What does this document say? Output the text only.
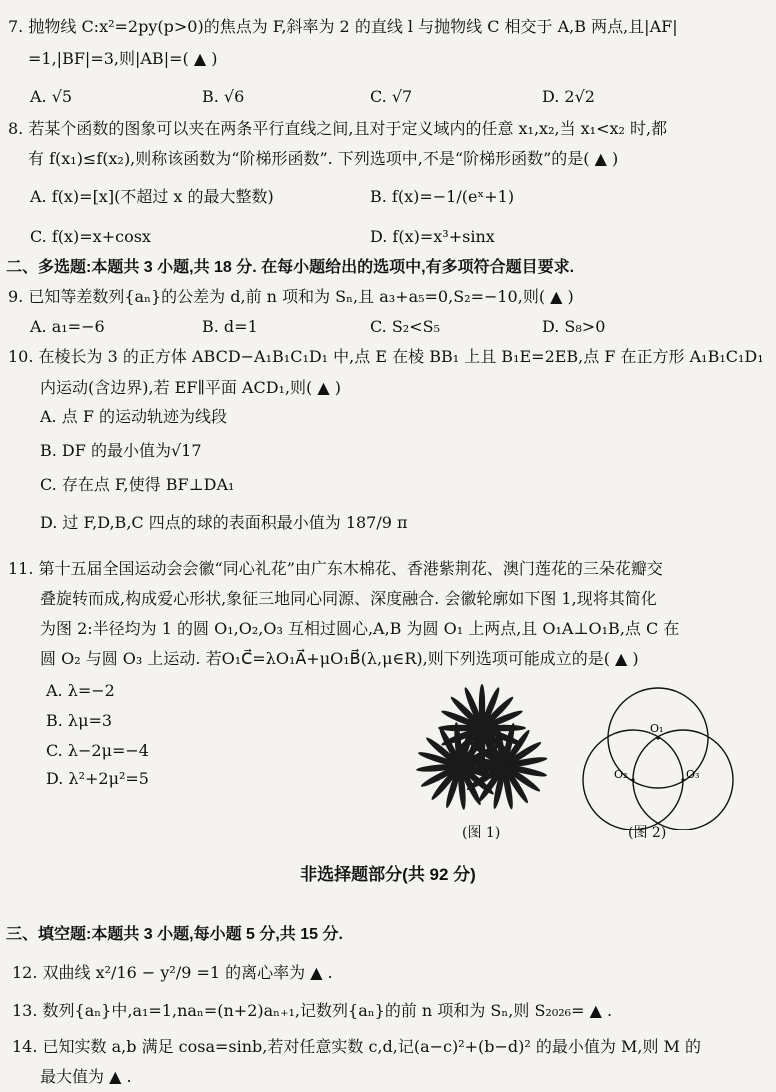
7. 抛物线 C:x²=2py(p>0)的焦点为 F,斜率为 2 的直线 l 与抛物线 C 相交于 A,B 两点,且|AF|
=1,|BF|=3,则|AB|=( ▲ )
A. √5	B. √6	C. √7	D. 2√2
8. 若某个函数的图象可以夹在两条平行直线之间,且对于定义域内的任意 x₁,x₂,当 x₁<x₂ 时,都
有 f(x₁)≤f(x₂),则称该函数为“阶梯形函数”. 下列选项中,不是“阶梯形函数”的是( ▲ )
A. f(x)=[x](不超过 x 的最大整数)	B. f(x)=−1/(eˣ+1)
C. f(x)=x+cosx	D. f(x)=x³+sinx
二、多选题:本题共 3 小题,共 18 分. 在每小题给出的选项中,有多项符合题目要求.
9. 已知等差数列{aₙ}的公差为 d,前 n 项和为 Sₙ,且 a₃+a₅=0,S₂=−10,则( ▲ )
A. a₁=−6	B. d=1	C. S₂<S₅	D. S₈>0
10. 在棱长为 3 的正方体 ABCD−A₁B₁C₁D₁ 中,点 E 在棱 BB₁ 上且 B₁E=2EB,点 F 在正方形 A₁B₁C₁D₁
内运动(含边界),若 EF∥平面 ACD₁,则( ▲ )
A. 点 F 的运动轨迹为线段
B. DF 的最小值为√17
C. 存在点 F,使得 BF⊥DA₁
D. 过 F,D,B,C 四点的球的表面积最小值为 187/9 π
11. 第十五届全国运动会会徽“同心礼花”由广东木棉花、香港紫荆花、澳门莲花的三朵花瓣交
叠旋转而成,构成爱心形状,象征三地同心同源、深度融合. 会徽轮廓如下图 1,现将其简化
为图 2:半径均为 1 的圆 O₁,O₂,O₃ 互相过圆心,A,B 为圆 O₁ 上两点,且 O₁A⊥O₁B,点 C 在
圆 O₂ 与圆 O₃ 上运动. 若O₁C⃗=λO₁A⃗+μO₁B⃗(λ,μ∈R),则下列选项可能成立的是( ▲ )
A. λ=−2
B. λμ=3
C. λ−2μ=−4
D. λ²+2μ²=5
(图 1)
O₁
O₂	O₃
(图 2)
非选择题部分(共 92 分)
三、填空题:本题共 3 小题,每小题 5 分,共 15 分.
12. 双曲线 x²/16 − y²/9 =1 的离心率为 ▲ .
13. 数列{aₙ}中,a₁=1,naₙ=(n+2)aₙ₊₁,记数列{aₙ}的前 n 项和为 Sₙ,则 S₂₀₂₆= ▲ .
14. 已知实数 a,b 满足 cosa=sinb,若对任意实数 c,d,记(a−c)²+(b−d)² 的最小值为 M,则 M 的
最大值为 ▲ .
